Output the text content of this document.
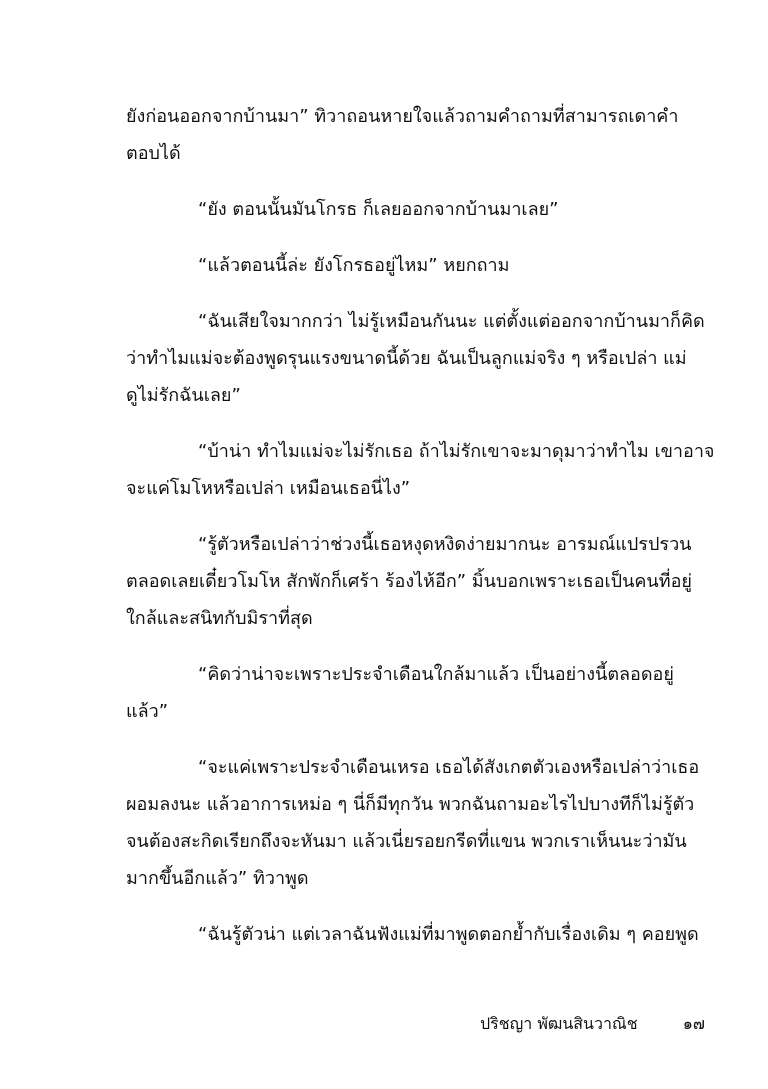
ยังก่อนออกจากบ้านมา” ทิวาถอนหายใจแล้วถามคำถามที่สามารถเดาคำ
ตอบได้
“ยัง ตอนนั้นมันโกรธ ก็เลยออกจากบ้านมาเลย”
“แล้วตอนนี้ล่ะ ยังโกรธอยู่ไหม” หยกถาม
“ฉันเสียใจมากกว่า ไม่รู้เหมือนกันนะ แต่ตั้งแต่ออกจากบ้านมาก็คิด
ว่าทำไมแม่จะต้องพูดรุนแรงขนาดนี้ด้วย ฉันเป็นลูกแม่จริง ๆ หรือเปล่า แม่
ดูไม่รักฉันเลย”
“บ้าน่า ทำไมแม่จะไม่รักเธอ ถ้าไม่รักเขาจะมาดุมาว่าทำไม เขาอาจ
จะแค่โมโหหรือเปล่า เหมือนเธอนี่ไง”
“รู้ตัวหรือเปล่าว่าช่วงนี้เธอหงุดหงิดง่ายมากนะ อารมณ์แปรปรวน
ตลอดเลยเดี๋ยวโมโห สักพักก็เศร้า ร้องไห้อีก” มิ้นบอกเพราะเธอเป็นคนที่อยู่
ใกล้และสนิทกับมิราที่สุด
“คิดว่าน่าจะเพราะประจำเดือนใกล้มาแล้ว เป็นอย่างนี้ตลอดอยู่
แล้ว”
“จะแค่เพราะประจำเดือนเหรอ เธอได้สังเกตตัวเองหรือเปล่าว่าเธอ
ผอมลงนะ แล้วอาการเหม่อ ๆ นี่ก็มีทุกวัน พวกฉันถามอะไรไปบางทีก็ไม่รู้ตัว
จนต้องสะกิดเรียกถึงจะหันมา แล้วเนี่ยรอยกรีดที่แขน พวกเราเห็นนะว่ามัน
มากขึ้นอีกแล้ว” ทิวาพูด
“ฉันรู้ตัวน่า แต่เวลาฉันฟังแม่ที่มาพูดตอกย้ำกับเรื่องเดิม ๆ คอยพูด
ปริชญา พัฒนสินวาณิช	๑๗
